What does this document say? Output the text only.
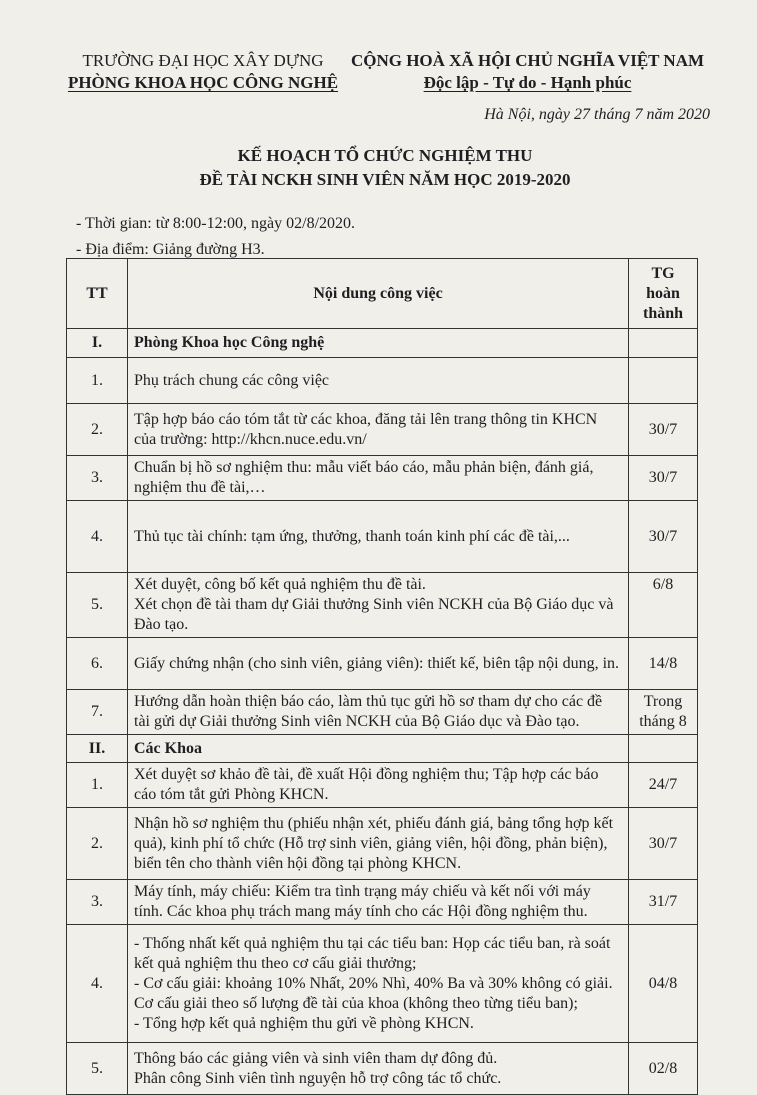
TRƯỜNG ĐẠI HỌC XÂY DỰNG
PHÒNG KHOA HỌC CÔNG NGHỆ
CỘNG HOÀ XÃ HỘI CHỦ NGHĨA VIỆT NAM
Độc lập - Tự do - Hạnh phúc
Hà Nội, ngày 27 tháng 7 năm 2020
KẾ HOẠCH TỔ CHỨC NGHIỆM THU
ĐỀ TÀI NCKH SINH VIÊN NĂM HỌC 2019-2020
- Thời gian: từ 8:00-12:00, ngày 02/8/2020.
- Địa điểm: Giảng đường H3.
TT	Nội dung công việc	TG hoàn thành
I.	Phòng Khoa học Công nghệ	
1.	Phụ trách chung các công việc	
2.	Tập hợp báo cáo tóm tắt từ các khoa, đăng tải lên trang thông tin KHCN của trường: http://khcn.nuce.edu.vn/	30/7
3.	Chuẩn bị hồ sơ nghiệm thu: mẫu viết báo cáo, mẫu phản biện, đánh giá, nghiệm thu đề tài,…	30/7
4.	Thủ tục tài chính: tạm ứng, thưởng, thanh toán kinh phí các đề tài,...	30/7
5.	Xét duyệt, công bố kết quả nghiệm thu đề tài.
Xét chọn đề tài tham dự Giải thưởng Sinh viên NCKH của Bộ Giáo dục và Đào tạo.	6/8
6.	Giấy chứng nhận (cho sinh viên, giảng viên): thiết kế, biên tập nội dung, in.	14/8
7.	Hướng dẫn hoàn thiện báo cáo, làm thủ tục gửi hồ sơ tham dự cho các đề tài gửi dự Giải thưởng Sinh viên NCKH của Bộ Giáo dục và Đào tạo.	Trong tháng 8
II.	Các Khoa	
1.	Xét duyệt sơ khảo đề tài, đề xuất Hội đồng nghiệm thu; Tập hợp các báo cáo tóm tắt gửi Phòng KHCN.	24/7
2.	Nhận hồ sơ nghiệm thu (phiếu nhận xét, phiếu đánh giá, bảng tổng hợp kết quả), kinh phí tổ chức (Hỗ trợ sinh viên, giảng viên, hội đồng, phản biện), biển tên cho thành viên hội đồng tại phòng KHCN.	30/7
3.	Máy tính, máy chiếu: Kiểm tra tình trạng máy chiếu và kết nối với máy tính. Các khoa phụ trách mang máy tính cho các Hội đồng nghiệm thu.	31/7
4.	- Thống nhất kết quả nghiệm thu tại các tiểu ban: Họp các tiểu ban, rà soát kết quả nghiệm thu theo cơ cấu giải thưởng;
- Cơ cấu giải: khoảng 10% Nhất, 20% Nhì, 40% Ba và 30% không có giải. Cơ cấu giải theo số lượng đề tài của khoa (không theo từng tiểu ban);
- Tổng hợp kết quả nghiệm thu gửi về phòng KHCN.	04/8
5.	Thông báo các giảng viên và sinh viên tham dự đông đủ.
Phân công Sinh viên tình nguyện hỗ trợ công tác tổ chức.	02/8
